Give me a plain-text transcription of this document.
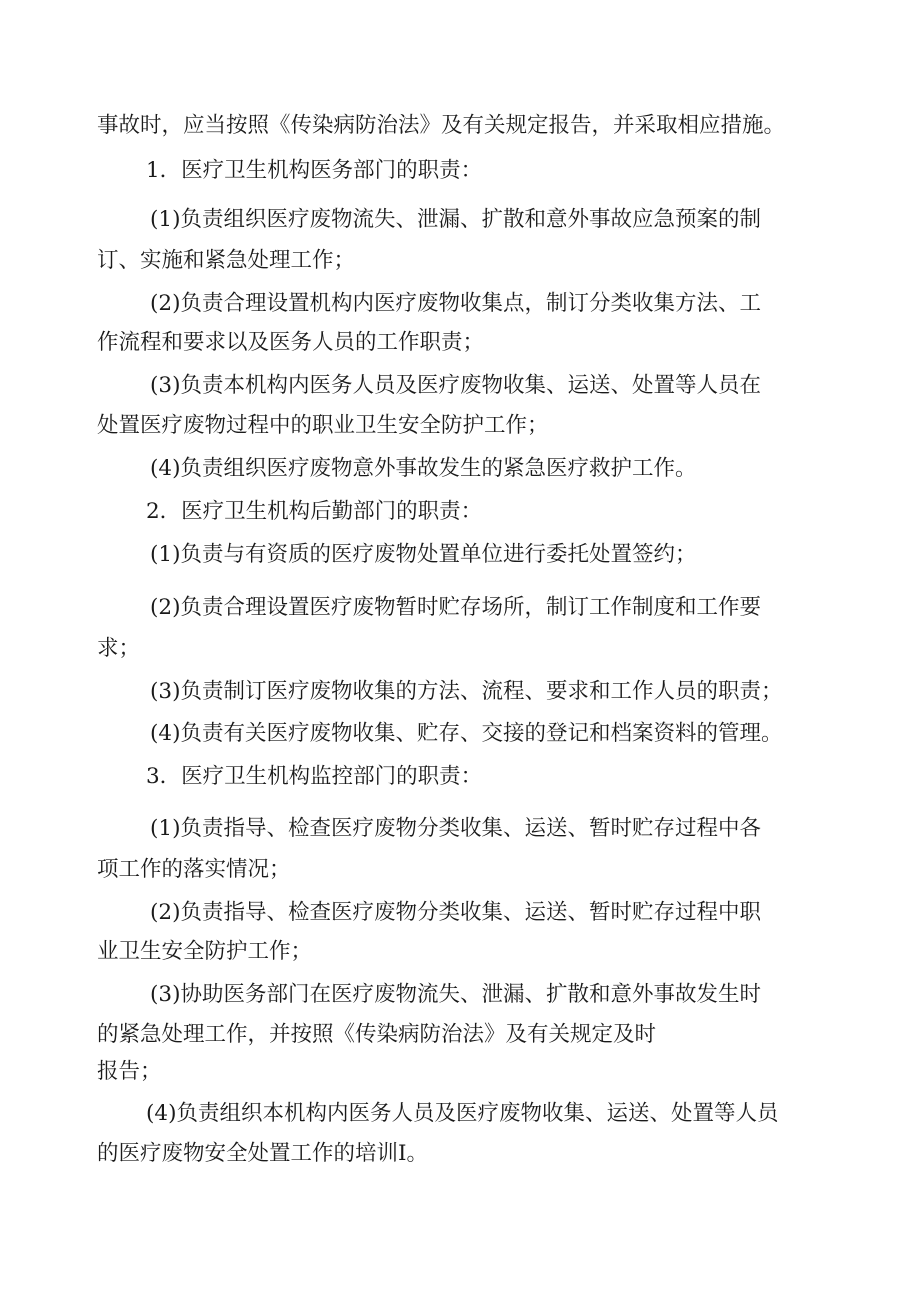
事故时，应当按照《传染病防治法》及有关规定报告，并采取相应措施。
1．医疗卫生机构医务部门的职责：
(1)负责组织医疗废物流失、泄漏、扩散和意外事故应急预案的制
订、实施和紧急处理工作；
(2)负责合理设置机构内医疗废物收集点，制订分类收集方法、工
作流程和要求以及医务人员的工作职责；
(3)负责本机构内医务人员及医疗废物收集、运送、处置等人员在
处置医疗废物过程中的职业卫生安全防护工作；
(4)负责组织医疗废物意外事故发生的紧急医疗救护工作。
2．医疗卫生机构后勤部门的职责：
(1)负责与有资质的医疗废物处置单位进行委托处置签约；
(2)负责合理设置医疗废物暂时贮存场所，制订工作制度和工作要
求；
(3)负责制订医疗废物收集的方法、流程、要求和工作人员的职责；
(4)负责有关医疗废物收集、贮存、交接的登记和档案资料的管理。
3．医疗卫生机构监控部门的职责：
(1)负责指导、检查医疗废物分类收集、运送、暂时贮存过程中各
项工作的落实情况；
(2)负责指导、检查医疗废物分类收集、运送、暂时贮存过程中职
业卫生安全防护工作；
(3)协助医务部门在医疗废物流失、泄漏、扩散和意外事故发生时
的紧急处理工作，并按照《传染病防治法》及有关规定及时
报告；
(4)负责组织本机构内医务人员及医疗废物收集、运送、处置等人员
的医疗废物安全处置工作的培训I。
